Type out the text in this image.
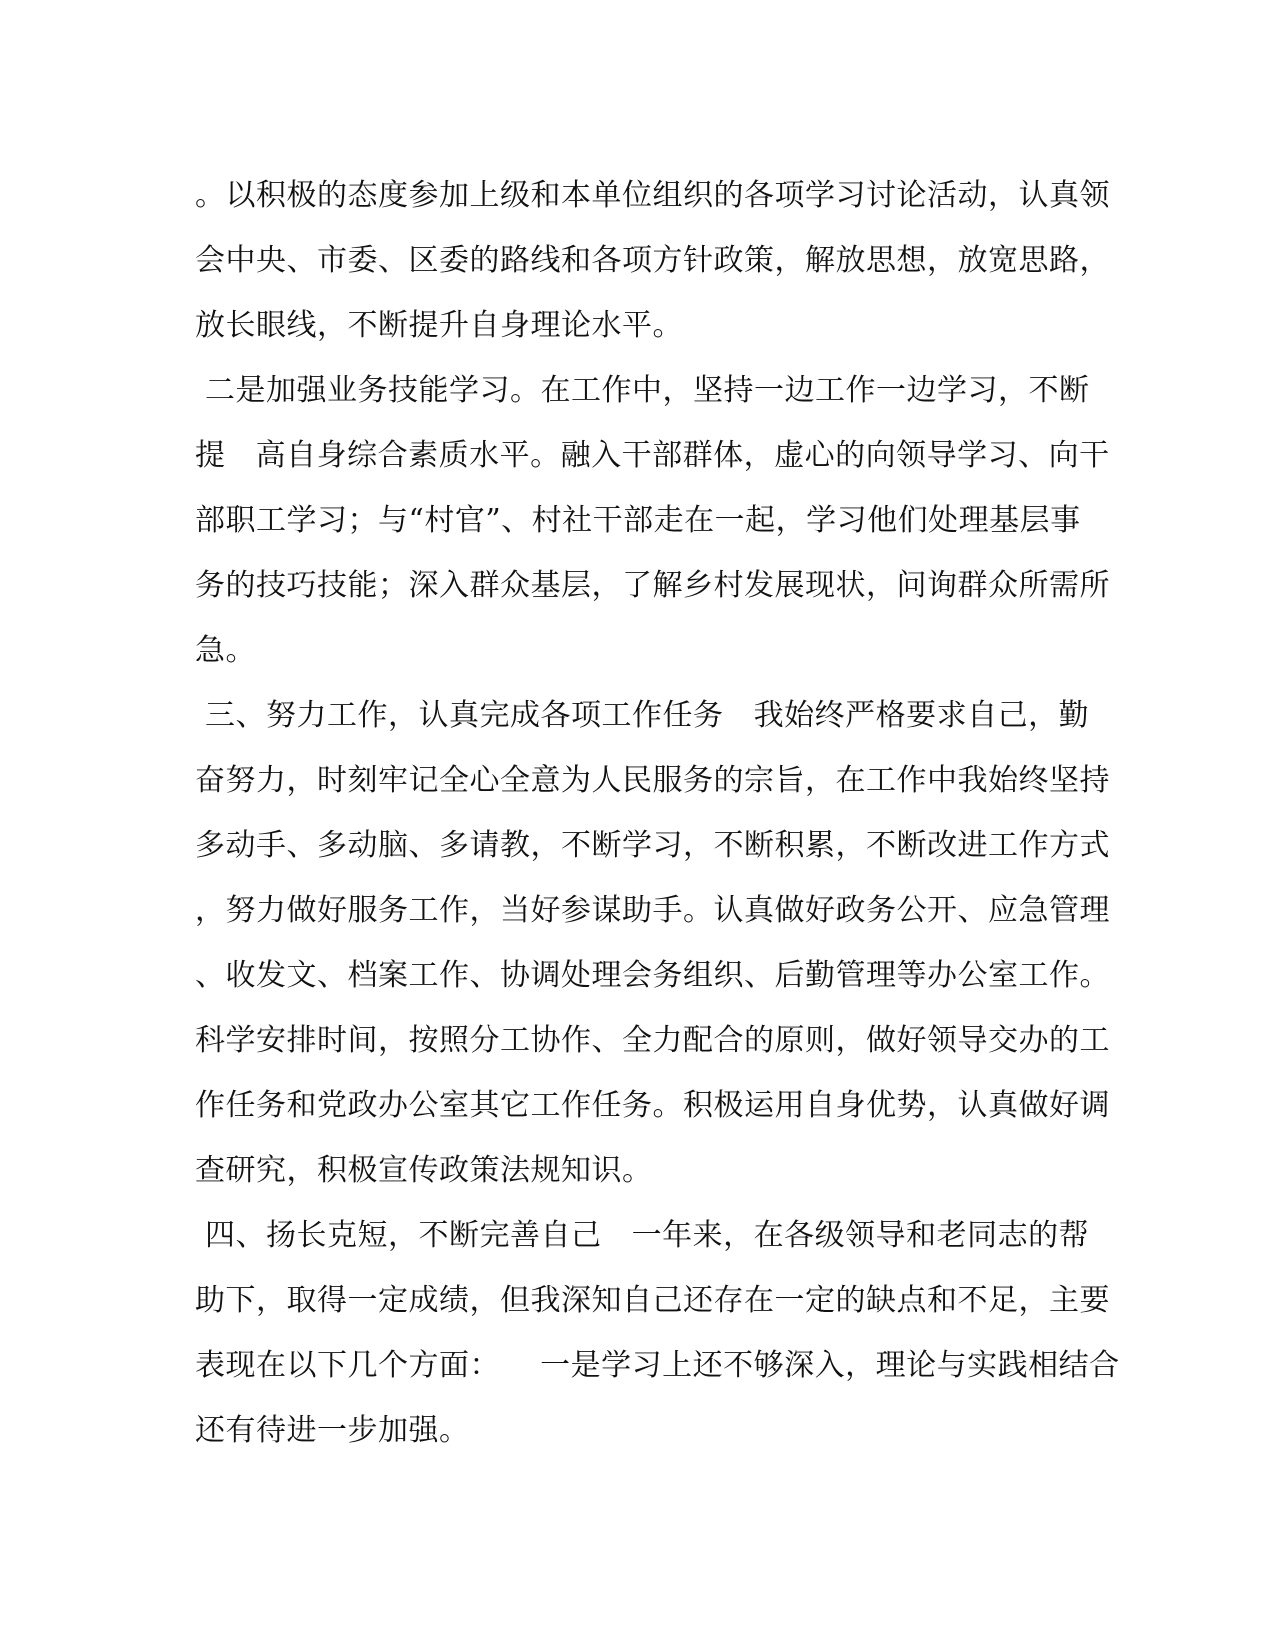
。以积极的态度参加上级和本单位组织的各项学习讨论活动，认真领
会中央、市委、区委的路线和各项方针政策，解放思想，放宽思路，
放长眼线，不断提升自身理论水平。
二是加强业务技能学习。在工作中，坚持一边工作一边学习，不断
提   高自身综合素质水平。融入干部群体，虚心的向领导学习、向干
部职工学习；与“村官”、村社干部走在一起，学习他们处理基层事
务的技巧技能；深入群众基层，了解乡村发展现状，问询群众所需所
急。
三、努力工作，认真完成各项工作任务   我始终严格要求自己，勤
奋努力，时刻牢记全心全意为人民服务的宗旨，在工作中我始终坚持
多动手、多动脑、多请教，不断学习，不断积累，不断改进工作方式
，努力做好服务工作，当好参谋助手。认真做好政务公开、应急管理
、收发文、档案工作、协调处理会务组织、后勤管理等办公室工作。
科学安排时间，按照分工协作、全力配合的原则，做好领导交办的工
作任务和党政办公室其它工作任务。积极运用自身优势，认真做好调
查研究，积极宣传政策法规知识。
四、扬长克短，不断完善自己   一年来，在各级领导和老同志的帮
助下，取得一定成绩，但我深知自己还存在一定的缺点和不足，主要
表现在以下几个方面：    一是学习上还不够深入，理论与实践相结合
还有待进一步加强。
